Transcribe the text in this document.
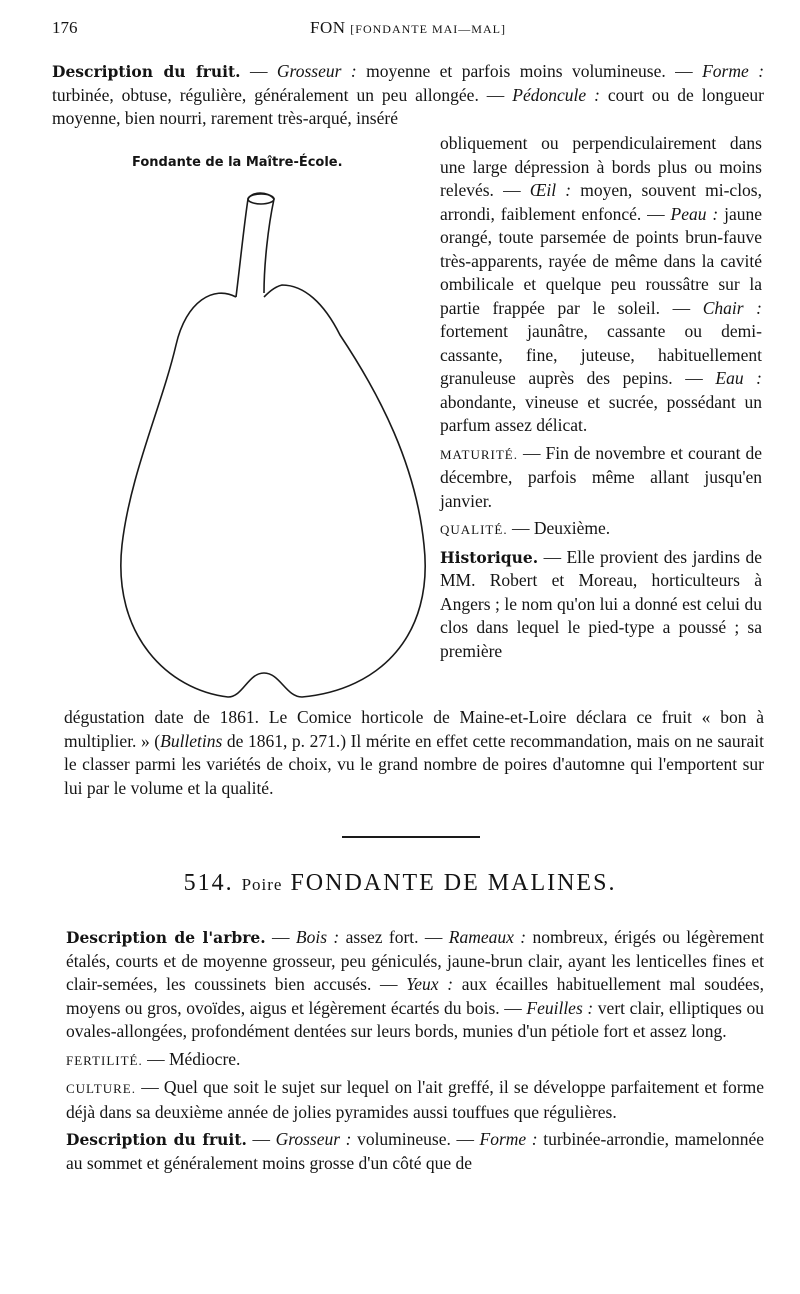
176	FON [FONDANTE MAI—MAL]
Description du fruit. — Grosseur : moyenne et parfois moins volumineuse. — Forme : turbinée, obtuse, régulière, généralement un peu allongée. — Pédoncule : court ou de longueur moyenne, bien nourri, rarement très-arqué, inséré
Fondante de la Maître-École.

obliquement ou perpendiculairement dans une large dépression à bords plus ou moins relevés. — Œil : moyen, souvent mi-clos, arrondi, faiblement enfoncé. — Peau : jaune orangé, toute parsemée de points brun-fauve très-apparents, rayée de même dans la cavité ombilicale et quelque peu roussâtre sur la partie frappée par le soleil. — Chair : fortement jaunâtre, cassante ou demi-cassante, fine, juteuse, habituellement granuleuse auprès des pepins. — Eau : abondante, vineuse et sucrée, possédant un parfum assez délicat.

MATURITÉ. — Fin de novembre et courant de décembre, parfois même allant jusqu'en janvier.

QUALITÉ. — Deuxième.

Historique. — Elle provient des jardins de MM. Robert et Moreau, horticulteurs à Angers ; le nom qu'on lui a donné est celui du clos dans lequel le pied-type a poussé ; sa première

dégustation date de 1861. Le Comice horticole de Maine-et-Loire déclara ce fruit « bon à multiplier. » (Bulletins de 1861, p. 271.) Il mérite en effet cette recommandation, mais on ne saurait le classer parmi les variétés de choix, vu le grand nombre de poires d'automne qui l'emportent sur lui par le volume et la qualité.
514. Poire FONDANTE DE MALINES.

Description de l'arbre. — Bois : assez fort. — Rameaux : nombreux, érigés ou légèrement étalés, courts et de moyenne grosseur, peu géniculés, jaune-brun clair, ayant les lenticelles fines et clair-semées, les coussinets bien accusés. — Yeux : aux écailles habituellement mal soudées, moyens ou gros, ovoïdes, aigus et légèrement écartés du bois. — Feuilles : vert clair, elliptiques ou ovales-allongées, profondément dentées sur leurs bords, munies d'un pétiole fort et assez long.

FERTILITÉ. — Médiocre.

CULTURE. — Quel que soit le sujet sur lequel on l'ait greffé, il se développe parfaitement et forme déjà dans sa deuxième année de jolies pyramides aussi touffues que régulières.

Description du fruit. — Grosseur : volumineuse. — Forme : turbinée-arrondie, mamelonnée au sommet et généralement moins grosse d'un côté que de
